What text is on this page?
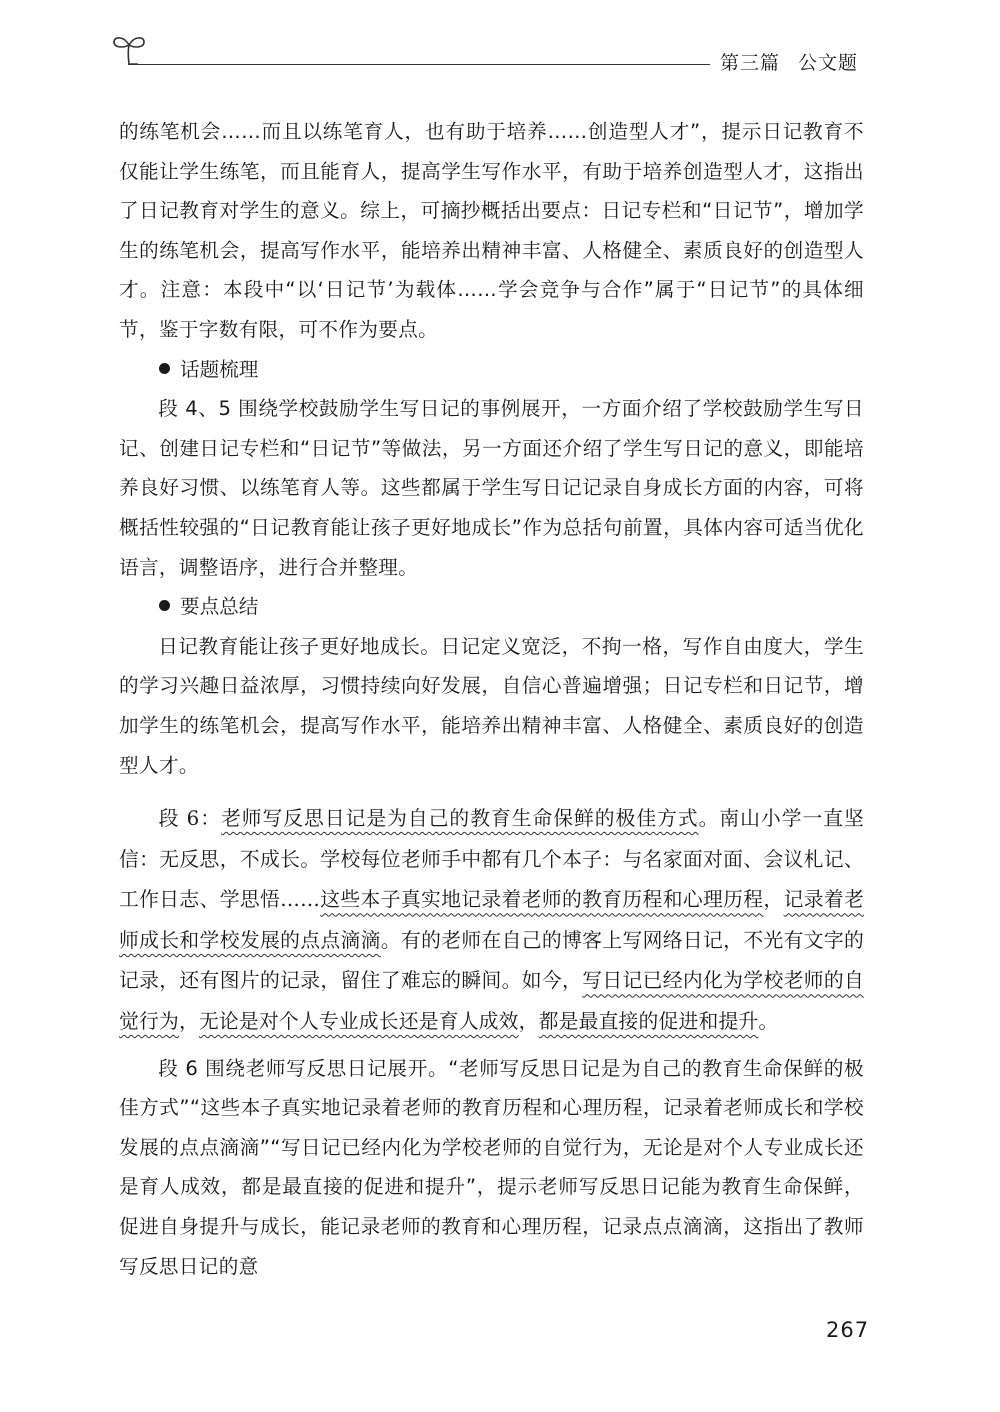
第三篇 公文题

的练笔机会……而且以练笔育人，也有助于培养……创造型人才”，提示日记教育不仅能让学生练笔，而且能育人，提高学生写作水平，有助于培养创造型人才，这指出了日记教育对学生的意义。综上，可摘抄概括出要点：日记专栏和“日记节”，增加学生的练笔机会，提高写作水平，能培养出精神丰富、人格健全、素质良好的创造型人才。注意：本段中“以‘日记节’为载体……学会竞争与合作”属于“日记节”的具体细节，鉴于字数有限，可不作为要点。

话题梳理

段 4、5 围绕学校鼓励学生写日记的事例展开，一方面介绍了学校鼓励学生写日记、创建日记专栏和“日记节”等做法，另一方面还介绍了学生写日记的意义，即能培养良好习惯、以练笔育人等。这些都属于学生写日记记录自身成长方面的内容，可将概括性较强的“日记教育能让孩子更好地成长”作为总括句前置，具体内容可适当优化语言，调整语序，进行合并整理。

要点总结

日记教育能让孩子更好地成长。日记定义宽泛，不拘一格，写作自由度大，学生的学习兴趣日益浓厚，习惯持续向好发展，自信心普遍增强；日记专栏和日记节，增加学生的练笔机会，提高写作水平，能培养出精神丰富、人格健全、素质良好的创造型人才。

段 6：老师写反思日记是为自己的教育生命保鲜的极佳方式。南山小学一直坚信：无反思，不成长。学校每位老师手中都有几个本子：与名家面对面、会议札记、工作日志、学思悟……这些本子真实地记录着老师的教育历程和心理历程，记录着老师成长和学校发展的点点滴滴。有的老师在自己的博客上写网络日记，不光有文字的记录，还有图片的记录，留住了难忘的瞬间。如今，写日记已经内化为学校老师的自觉行为，无论是对个人专业成长还是育人成效，都是最直接的促进和提升。

段 6 围绕老师写反思日记展开。“老师写反思日记是为自己的教育生命保鲜的极佳方式”“这些本子真实地记录着老师的教育历程和心理历程，记录着老师成长和学校发展的点点滴滴”“写日记已经内化为学校老师的自觉行为，无论是对个人专业成长还是育人成效，都是最直接的促进和提升”，提示老师写反思日记能为教育生命保鲜，促进自身提升与成长，能记录老师的教育和心理历程，记录点点滴滴，这指出了教师写反思日记的意

267
